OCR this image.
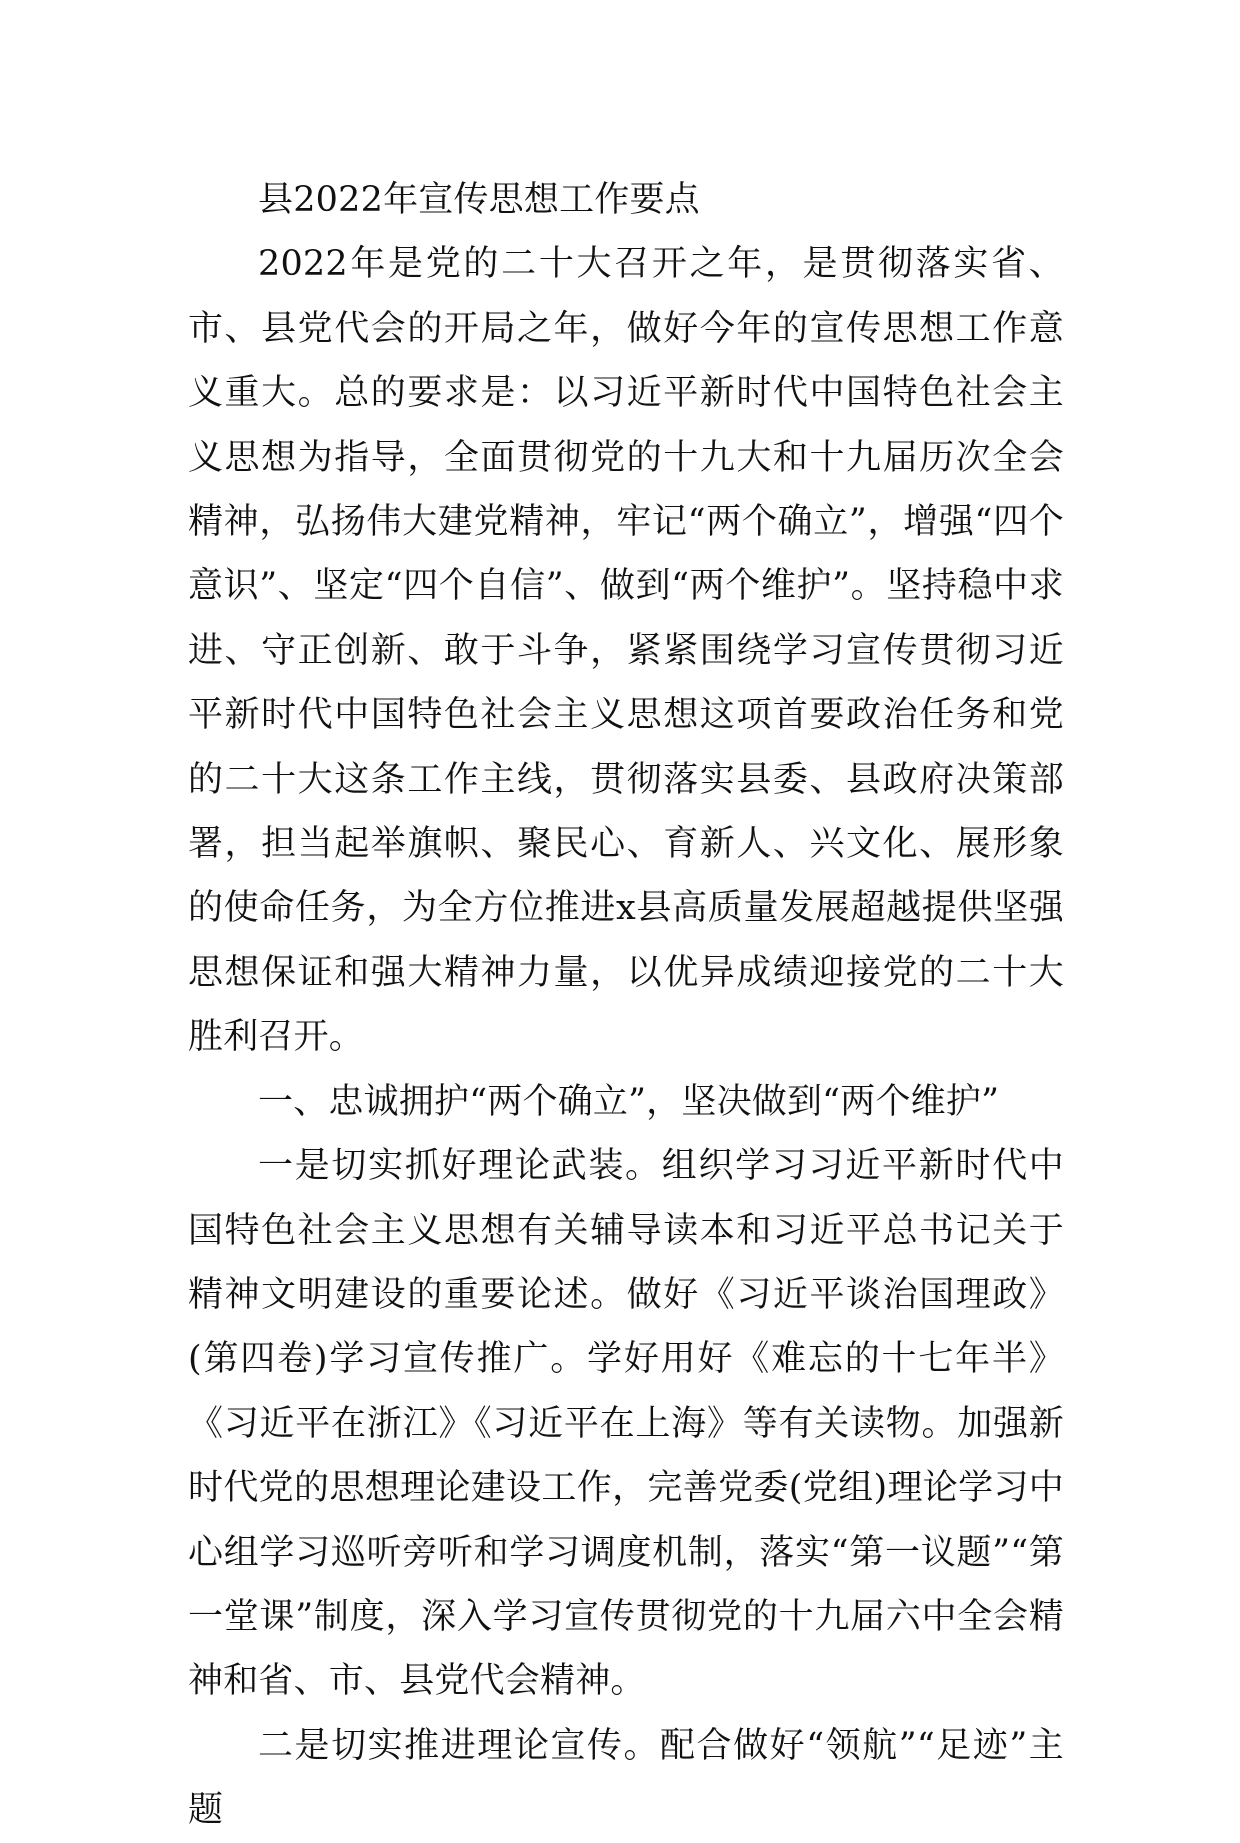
县2022年宣传思想工作要点

2022年是党的二十大召开之年，是贯彻落实省、市、县党代会的开局之年，做好今年的宣传思想工作意义重大。总的要求是：以习近平新时代中国特色社会主义思想为指导，全面贯彻党的十九大和十九届历次全会精神，弘扬伟大建党精神，牢记“两个确立”，增强“四个意识”、坚定“四个自信”、做到“两个维护”。坚持稳中求进、守正创新、敢于斗争，紧紧围绕学习宣传贯彻习近平新时代中国特色社会主义思想这项首要政治任务和党的二十大这条工作主线，贯彻落实县委、县政府决策部署，担当起举旗帜、聚民心、育新人、兴文化、展形象的使命任务，为全方位推进x县高质量发展超越提供坚强思想保证和强大精神力量，以优异成绩迎接党的二十大胜利召开。

一、忠诚拥护“两个确立”，坚决做到“两个维护”

一是切实抓好理论武装。组织学习习近平新时代中国特色社会主义思想有关辅导读本和习近平总书记关于精神文明建设的重要论述。做好《习近平谈治国理政》(第四卷)学习宣传推广。学好用好《难忘的十七年半》《习近平在浙江》《习近平在上海》等有关读物。加强新时代党的思想理论建设工作，完善党委(党组)理论学习中心组学习巡听旁听和学习调度机制，落实“第一议题”“第一堂课”制度，深入学习宣传贯彻党的十九届六中全会精神和省、市、县党代会精神。

二是切实推进理论宣传。配合做好“领航”“足迹”主题
